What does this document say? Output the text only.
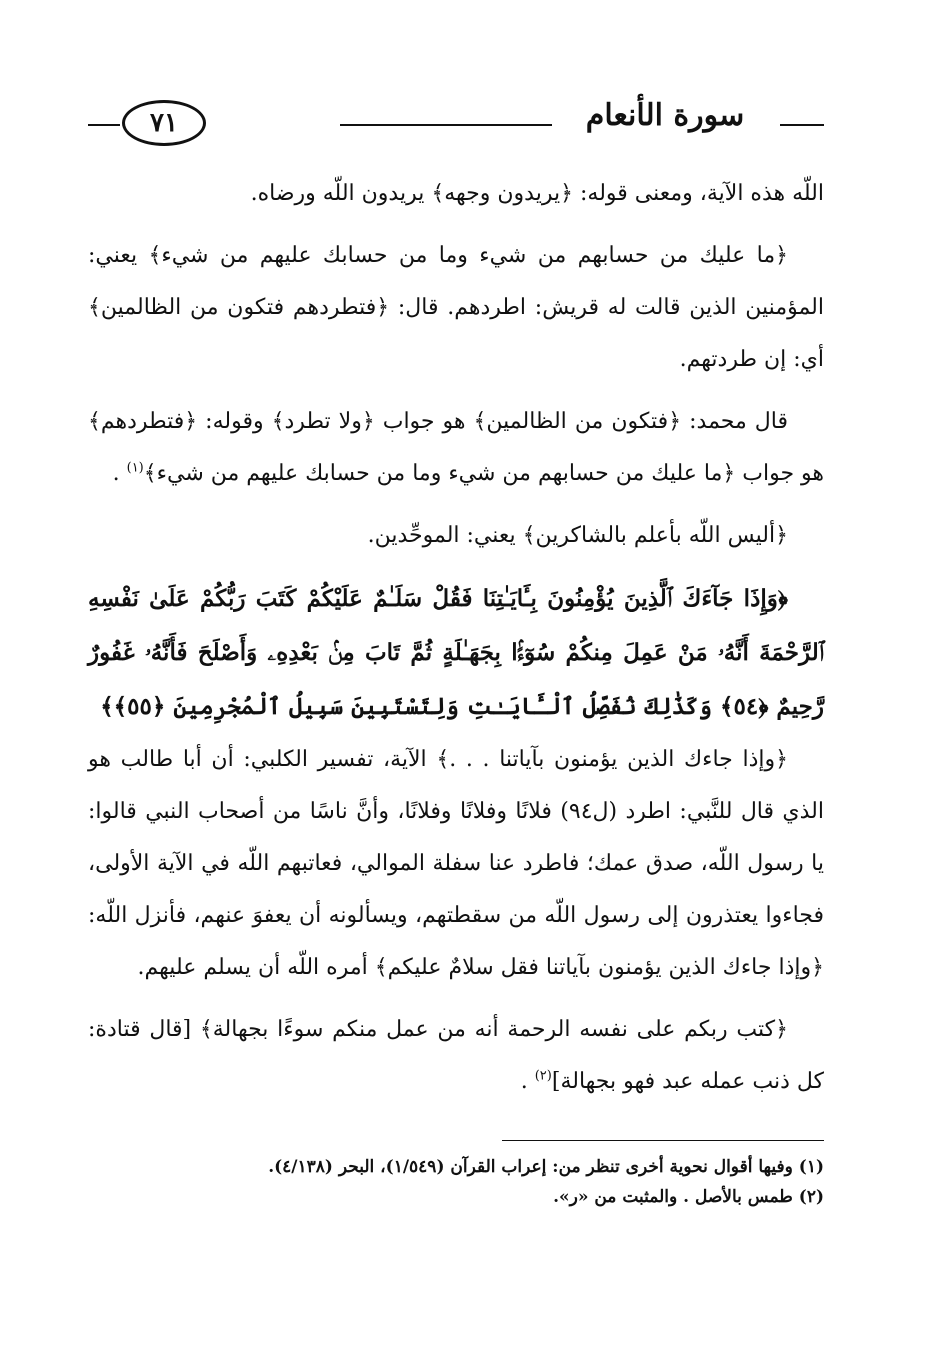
سورة الأنعام
٧١

اللّه هذه الآية، ومعنى قوله: ﴿يريدون وجهه﴾ يريدون اللّه ورضاه.

﴿ما عليك من حسابهم من شيء وما من حسابك عليهم من شيء﴾ يعني: المؤمنين الذين قالت له قريش: اطردهم. قال: ﴿فتطردهم فتكون من الظالمين﴾ أي: إن طردتهم.

قال محمد: ﴿فتكون من الظالمين﴾ هو جواب ﴿ولا تطرد﴾ وقوله: ﴿فتطردهم﴾ هو جواب ﴿ما عليك من حسابهم من شيء وما من حسابك عليهم من شيء﴾$^{(١)}$ .

﴿أليس اللّه بأعلم بالشاكرين﴾ يعني: الموحِّدين.

﴿وَإِذَا جَآءَكَ ٱلَّذِينَ يُؤْمِنُونَ بِـَٔايَـٰتِنَا فَقُلْ سَلَـٰمٌ عَلَيْكُمْ كَتَبَ رَبُّكُمْ عَلَىٰ نَفْسِهِ ٱلرَّحْمَةَ أَنَّهُۥ مَنْ عَمِلَ مِنكُمْ سُوٓءًۢا بِجَهَـٰلَةٍ ثُمَّ تَابَ مِنۢ بَعْدِهِۦ وَأَصْلَحَ فَأَنَّهُۥ غَفُورٌ رَّحِيمٌ ﴿٥٤﴾ وَكَذَٰلِكَ نُفَصِّلُ ٱلْـَٔايَـٰتِ وَلِتَسْتَبِينَ سَبِيلُ ٱلْمُجْرِمِينَ ﴿٥٥﴾﴾

﴿وإذا جاءك الذين يؤمنون بآياتنا . . .﴾ الآية، تفسير الكلبي: أن أبا طالب هو الذي قال للنَّبي: اطرد (ل٩٤) فلانًا وفلانًا وفلانًا، وأنَّ ناسًا من أصحاب النبي قالوا: يا رسول اللّه، صدق عمك؛ فاطرد عنا سفلة الموالي، فعاتبهم اللّه في الآية الأولى، فجاءوا يعتذرون إلى رسول اللّه من سقطتهم، ويسألونه أن يعفوَ عنهم، فأنزل اللّه: ﴿وإذا جاءك الذين يؤمنون بآياتنا فقل سلامٌ عليكم﴾ أمره اللّه أن يسلم عليهم.

﴿كتب ربكم على نفسه الرحمة أنه من عمل منكم سوءًا بجهالة﴾ [قال قتادة: كل ذنب عمله عبد فهو بجهالة]$^{(٢)}$ .

(١) وفيها أقوال نحوية أخرى تنظر من: إعراب القرآن (١/٥٤٩)، البحر (٤/١٣٨).
(٢) طمس بالأصل . والمثبت من «ر».
